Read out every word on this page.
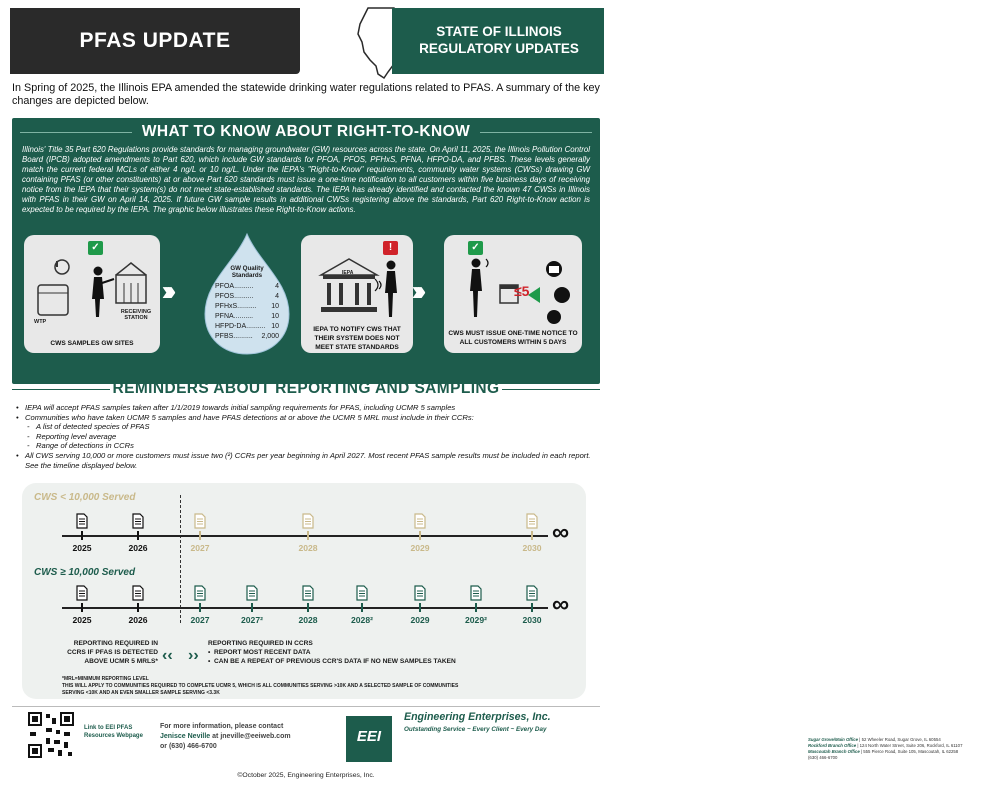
PFAS UPDATE	STATE OF ILLINOIS REGULATORY UPDATES
In Spring of 2025, the Illinois EPA amended the statewide drinking water regulations related to PFAS. A summary of the key changes are depicted below.
WHAT TO KNOW ABOUT RIGHT-TO-KNOW
Illinois' Title 35 Part 620 Regulations provide standards for managing groundwater (GW) resources across the state. On April 11, 2025, the Illinois Pollution Control Board (IPCB) adopted amendments to Part 620, which include GW standards for PFOA, PFOS, PFHxS, PFNA, HFPO-DA, and PFBS. These levels generally match the current federal MCLs of either 4 ng/L or 10 ng/L. Under the IEPA's "Right-to-Know" requirements, community water systems (CWSs) drawing GW containing PFAS (or other constituents) at or above Part 620 standards must issue a one-time notification to all customers within five business days of receiving notice from the IEPA that their system(s) do not meet state-established standards. The IEPA has already identified and contacted the known 47 CWSs in Illinois with PFAS in their GW on April 14, 2025. If future GW sample results in additional CWSs registering above the standards, Part 620 Right-to-Know action is expected to be required by the IEPA. The graphic below illustrates these Right-to-Know actions.
✓
WTP
RECEIVING STATION
CWS SAMPLES GW SITES
GW Quality Standards
PFOA ..........	4
PFOS ..........	4
PFHxS ..........	10
PFNA ..........	10
HFPD-DA .......... 10
PFBS ..........	2,000
!
IEPA
IEPA TO NOTIFY CWS THAT THEIR SYSTEM DOES NOT MEET STATE STANDARDS
✓
≤5
CWS MUST ISSUE ONE-TIME NOTICE TO ALL CUSTOMERS WITHIN 5 DAYS
REMINDERS ABOUT REPORTING AND SAMPLING
• IEPA will accept PFAS samples taken after 1/1/2019 towards initial sampling requirements for PFAS, including UCMR 5 samples
• Communities who have taken UCMR 5 samples and have PFAS detections at or above the UCMR 5 MRL must include in their CCRs:
- A list of detected species of PFAS
- Reporting level average
- Range of detections in CCRs
• All CWS serving 10,000 or more customers must issue two (²) CCRs per year beginning in April 2027. Most recent PFAS sample results must be included in each report. See the timeline displayed below.
CWS < 10,000 Served
2025	2026	2027	2028	2029	2030
∞
CWS ≥ 10,000 Served
2025	2026	2027	2027²	2028	2028²	2029	2029²	2030
∞
REPORTING REQUIRED IN CCRS IF PFAS IS DETECTED ABOVE UCMR 5 MRLS* ‹‹ ››
REPORTING REQUIRED IN CCRS
• REPORT MOST RECENT DATA
• CAN BE A REPEAT OF PREVIOUS CCR'S DATA IF NO NEW SAMPLES TAKEN
*MRL=MINIMUM REPORTING LEVEL
THIS WILL APPLY TO COMMUNITIES REQUIRED TO COMPLETE UCMR 5, WHICH IS ALL COMMUNITIES SERVING >10K AND A SELECTED SAMPLE OF COMMUNITIES SERVING <10K AND AN EVEN SMALLER SAMPLE SERVING <3.3K
Link to EEI PFAS Resources Webpage
For more information, please contact
Jenisce Neville at jneville@eeiweb.com
or (630) 466-6700
EEI
Engineering Enterprises, Inc.
Outstanding Service ~ Every Client ~ Every Day
Sugar Grove/Main Office | 52 Wheeler Road, Sugar Grove, IL 60554
Rockford Branch Office | 124 North Water Street, Suite 206, Rockford, IL 61107
Mascoutah Branch Office | 555 Pierce Road, Suite 105, Mascoutah, IL 62258
(630) 466-6700
©October 2025, Engineering Enterprises, Inc.
